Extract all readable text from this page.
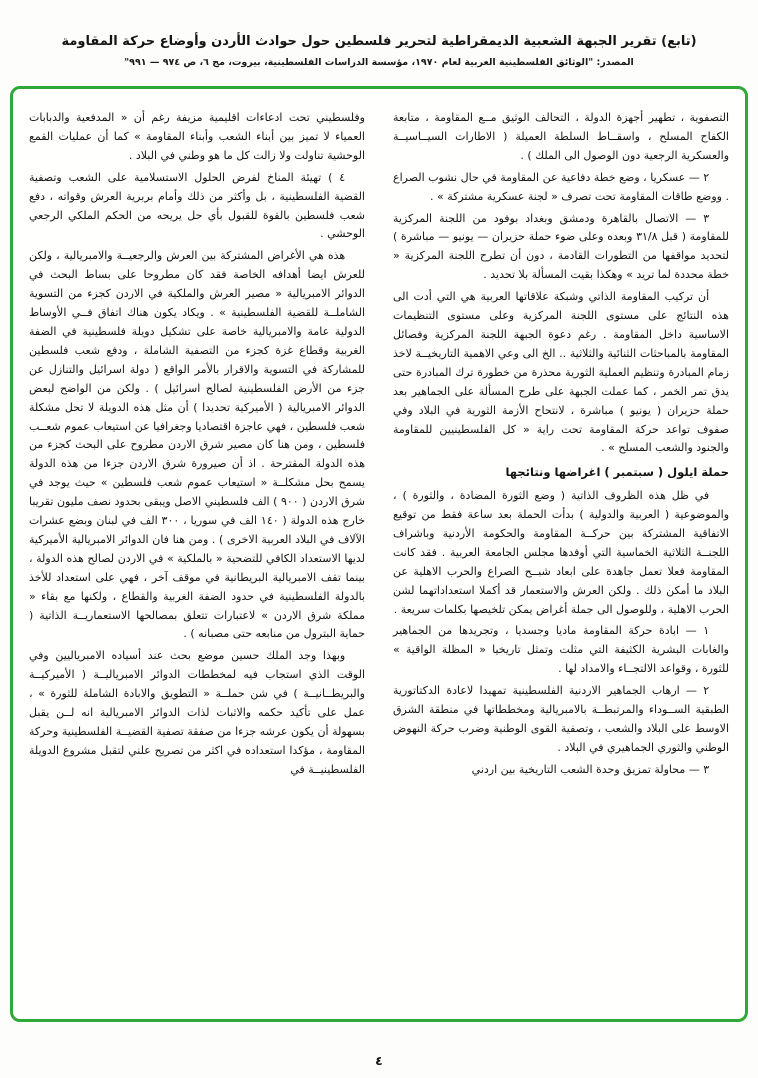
(تابع) تقرير الجبهة الشعبية الديمقراطية لتحرير فلسطين حول حوادث الأردن وأوضاع حركة المقاومة
المصدر: "الوثائق الفلسطينية العربية لعام ١٩٧٠، مؤسسة الدراسات الفلسطينية، بيروت، مج ٦، ص ٩٧٤ — ٩٩١"

التصفوية ، تطهير أجهزة الدولة ، التحالف الوثيق مــع المقاومة ، متابعة الكفاح المسلح ، واسقــاط السلطة العميلة ( الاطارات السيــاسيــة والعسكرية الرجعية دون الوصول الى الملك ) .

٢ — عسكريا ، وضع خطة دفاعية عن المقاومة في حال نشوب الصراع . ووضع طاقات المقاومة تحت تصرف « لجنة عسكرية مشتركة » .

٣ — الاتصال بالقاهرة ودمشق وبغداد بوفود من اللجنة المركزية للمقاومة ( قبل ٣١/٨ وبعده وعلى ضوء حملة حزيران — يونيو — مباشرة ) لتحديد مواقفها من التطورات القادمة ، دون أن تطرح اللجنة المركزية « خطة محددة لما تريد » وهكذا بقيت المسألة بلا تحديد .

أن تركيب المقاومة الذاتي وشبكة علاقاتها العربية هي التي أدت الى هذه النتائج على مستوى اللجنة المركزية وعلى مستوى التنظيمات الاساسية داخل المقاومة . رغم دعوة الجبهة اللجنة المركزية وفصائل المقاومة بالمباحثات الثنائية والثلاثية .. الخ الى وعي الاهمية التاريخيــة لاخذ زمام المبادرة وتنظيم العملية الثورية محذرة من خطورة ترك المبادرة حتى يدق تمر الخمر ، كما عملت الجبهة على طرح المسألة على الجماهير بعد حملة حزيران ( يونيو ) مباشرة ، لانتحاح الأزمة الثورية في البلاد وفي صفوف تواعد حركة المقاومة تحت راية « كل الفلسطينيين للمقاومة والجنود والشعب المسلح » .

حملة ايلول ( سبتمبر ) اغراضها ونتائجها

في ظل هذه الظروف الذاتية ( وضع الثورة المضادة ، والثورة ) ، والموضوعية ( العربية والدولية ) بدأت الحملة بعد ساعة فقط من توقيع الاتفاقية المشتركة بين حركــة المقاومة والحكومة الأردنية وباشراف اللجنــة الثلاثية الخماسية التي أوفدها مجلس الجامعة العربية . فقد كانت المقاومة فعلا تعمل جاهدة على ابعاد شبــح الصراع والحرب الاهلية عن البلاد ما أمكن ذلك . ولكن العرش والاستعمار قد أكملا استعداداتهما لشن الحرب الاهلية ، وللوصول الى جملة أغراض يمكن تلخيصها بكلمات سريعة .

١ — ابادة حركة المقاومة ماديا وجسديا ، وتجريدها من الجماهير والغابات البشرية الكثيفة التي مثلت وتمثل تاريخيا « المظلة الواقية » للثورة ، وقواعد الالتجــاء والامداد لها .

٢ — ارهاب الجماهير الاردنية الفلسطينية تمهيدا لاعادة الدكتاتورية الطبقية الســوداء والمرتبطــة بالامبريالية ومخططاتها في منطقة الشرق الاوسط على البلاد والشعب ، وتصفية القوى الوطنية وضرب حركة النهوض الوطني والثوري الجماهيري في البلاد .

٣ — محاولة تمزيق وحدة الشعب التاريخية بين اردني

وفلسطيني تحت ادعاءات اقليمية مزيفة رغم أن « المدفعية والدبابات العمياء لا تميز بين أبناء الشعب وأبناء المقاومة » كما أن عمليات القمع الوحشية تناولت ولا زالت كل ما هو وطني في البلاد .

٤ ) تهيئة المناخ لفرض الحلول الاستسلامية على الشعب وتصفية القضية الفلسطينية ، بل وأكثر من ذلك وأمام بربرية العرش وقواته ، دفع شعب فلسطين بالقوة للقبول بأي حل يريحه من الحكم الملكي الرجعي الوحشي .

هذه هي الأغراض المشتركة بين العرش والرجعيــة والامبريالية ، ولكن للعرش ايضا أهدافه الخاصة فقد كان مطروحا على بساط البحث في الدوائر الامبريالية « مصير العرش والملكية في الاردن كجزء من التسوية الشاملــة للقضية الفلسطينية » . ويكاد يكون هناك اتفاق فــي الأوساط الدولية عامة والامبريالية خاصة على تشكيل دويلة فلسطينية في الضفة الغربية وقطاع غزة كجزء من التصفية الشاملة ، ودفع شعب فلسطين للمشاركة في التسوية والاقرار بالأمر الواقع ( دولة اسرائيل والتنازل عن جزء من الأرض الفلسطينية لصالح اسرائيل ) . ولكن من الواضح لبعض الدوائر الامبريالية ( الأميركية تحديدا ) أن مثل هذه الدويلة لا تحل مشكلة شعب فلسطين ، فهي عاجزة اقتصاديا وجغرافيا عن استيعاب عموم شعــب فلسطين ، ومن هنا كان مصير شرق الاردن مطروح على البحث كجزء من هذه الدولة المقترحة . اذ أن صيرورة شرق الاردن جزءا من هذه الدولة يسمح بحل مشكلــة « استيعاب عموم شعب فلسطين » حيث يوجد في شرق الاردن ( ٩٠٠ ) الف فلسطيني الاصل ويبقى بحدود نصف مليون تقريبا خارج هذه الدولة ( ١٤٠ الف في سوريا ، ٣٠٠ الف في لبنان وبضع عشرات الآلاف في البلاد العربية الاخرى ) . ومن هنا فان الدوائر الامبريالية الأميركية لديها الاستعداد الكافي للتضحية « بالملكية » في الاردن لصالح هذه الدولة ، بينما تقف الامبريالية البريطانية في موقف آخر ، فهي على استعداد للأخذ بالدولة الفلسطينية في حدود الضفة الغربية والقطاع ، ولكنها مع بقاء « مملكة شرق الاردن » لاعتبارات تتعلق بمصالحها الاستعماريــة الذاتية ( حماية البترول من منابعه حتى مصبانه ) .

وبهذا وجد الملك حسين موضع بحث عند أسياده الامبرياليين وفي الوقت الذي استجاب فيه لمخططات الدوائر الامبرياليــة ( الأميركيــة والبريطــانيــة ) في شن حملــة « التطويق والابادة الشاملة للثورة » ، عمل على تأكيد حكمه والاثبات لذات الدوائر الامبريالية انه لــن يقبل بسهولة أن يكون عرشه جزءا من صفقة تصفية القضيــة الفلسطينية وحركة المقاومة ، مؤكدا استعداده في اكثر من تصريح علني لتقبل مشروع الدويلة الفلسطينيــة في

٤
